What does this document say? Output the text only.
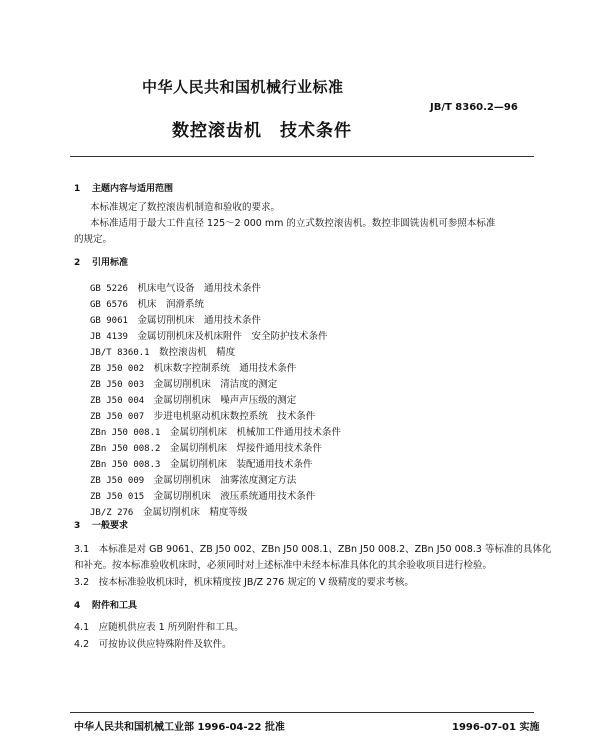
中华人民共和国机械行业标准
JB/T 8360.2—96
数控滚齿机　技术条件
1 主题内容与适用范围
本标准规定了数控滚齿机制造和验收的要求。
本标准适用于最大工件直径 125～2 000 mm 的立式数控滚齿机。数控非圆铣齿机可参照本标准
的规定。
2 引用标准
GB 5226　 机床电气设备　通用技术条件
GB 6576　 机床　润滑系统
GB 9061　 金属切削机床　通用技术条件
JB 4139　 金属切削机床及机床附件　安全防护技术条件
JB/T 8360.1　 数控滚齿机　精度
ZB J50 002　 机床数字控制系统　通用技术条件
ZB J50 003　 金属切削机床　清洁度的测定
ZB J50 004　 金属切削机床　噪声声压级的测定
ZB J50 007　 步进电机驱动机床数控系统　技术条件
ZBn J50 008.1　 金属切削机床　机械加工件通用技术条件
ZBn J50 008.2　 金属切削机床　焊接件通用技术条件
ZBn J50 008.3　 金属切削机床　装配通用技术条件
ZB J50 009　 金属切削机床　油雾浓度测定方法
ZB J50 015　 金属切削机床　液压系统通用技术条件
JB/Z 276　 金属切削机床　精度等级
3 一般要求
3.1　本标准是对 GB 9061、ZB J50 002、ZBn J50 008.1、ZBn J50 008.2、ZBn J50 008.3 等标准的具体化
和补充。按本标准验收机床时，必须同时对上述标准中未经本标准具体化的其余验收项目进行检验。
3.2　按本标准验收机床时，机床精度按 JB/Z 276 规定的 V 级精度的要求考核。
4 附件和工具
4.1　应随机供应表 1 所列附件和工具。
4.2　可按协议供应特殊附件及软件。
中华人民共和国机械工业部 1996-04-22 批准	1996-07-01 实施
